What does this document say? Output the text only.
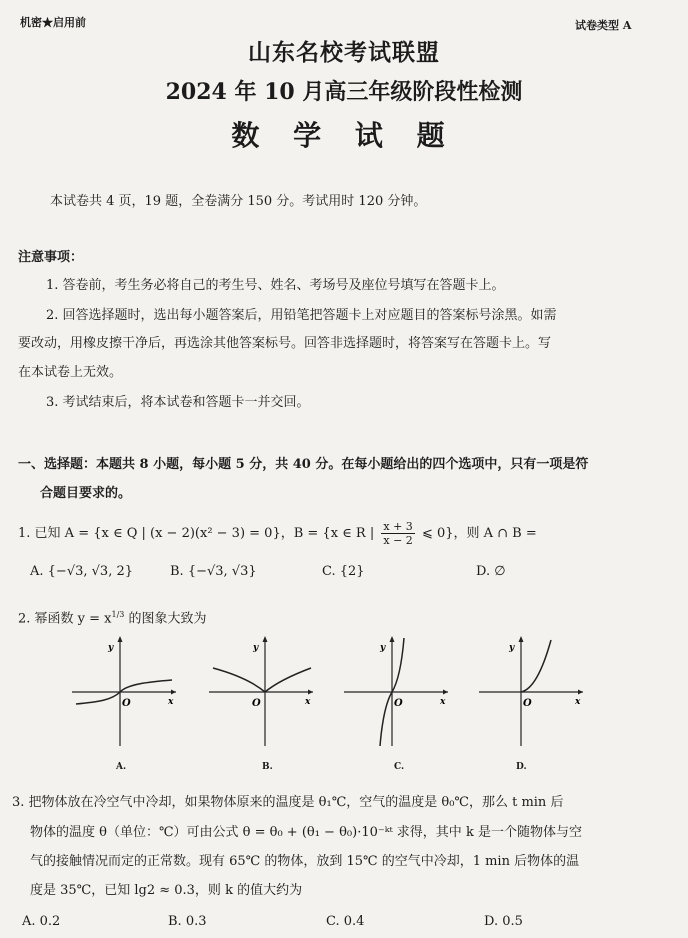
机密★启用前	试卷类型 A
山东名校考试联盟
2024 年 10 月高三年级阶段性检测
数 学 试 题
本试卷共 4 页，19 题，全卷满分 150 分。考试用时 120 分钟。
注意事项：
1. 答卷前，考生务必将自己的考生号、姓名、考场号及座位号填写在答题卡上。
2. 回答选择题时，选出每小题答案后，用铅笔把答题卡上对应题目的答案标号涂黑。如需
要改动，用橡皮擦干净后，再选涂其他答案标号。回答非选择题时，将答案写在答题卡上。写
在本试卷上无效。
3. 考试结束后，将本试卷和答题卡一并交回。
一、选择题：本题共 8 小题，每小题 5 分，共 40 分。在每小题给出的四个选项中，只有一项是符
合题目要求的。
1. 已知 A = {x ∈ Q | (x − 2)(x² − 3) = 0}，B = {x ∈ R | $\frac{x + 3}{x - 2}$ ⩽ 0}，则 A ∩ B =
A. {−√3, √3, 2}	B. {−√3, √3}	C. {2}	D. ∅
2. 幂函数 $y = x^{1/3}$ 的图象大致为
y
x
O
A.
y
x
O
B.
y
x
O
C.
y
x
O
D.
3. 把物体放在冷空气中冷却，如果物体原来的温度是 θ₁℃，空气的温度是 θ₀℃，那么 t min 后
物体的温度 θ（单位：℃）可由公式 θ = θ₀ + (θ₁ − θ₀)·10⁻ᵏᵗ 求得，其中 k 是一个随物体与空
气的接触情况而定的正常数。现有 65℃ 的物体，放到 15℃ 的空气中冷却，1 min 后物体的温
度是 35℃，已知 lg2 ≈ 0.3，则 k 的值大约为
A. 0.2	B. 0.3	C. 0.4	D. 0.5
